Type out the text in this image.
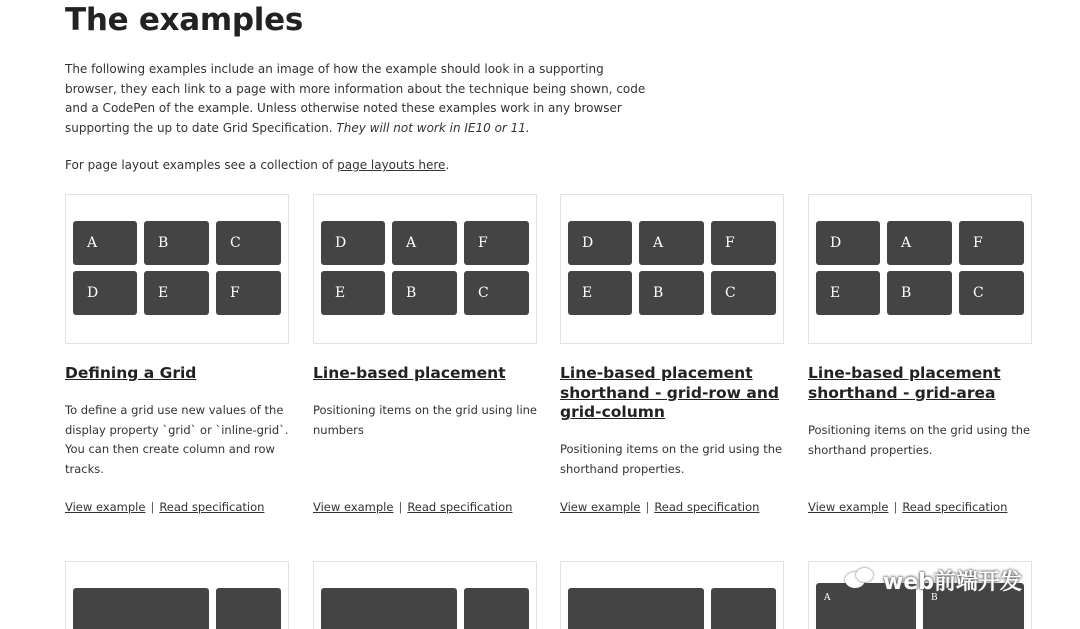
The examples

The following examples include an image of how the example should look in a supporting browser, they each link to a page with more information about the technique being shown, code and a CodePen of the example. Unless otherwise noted these examples work in any browser supporting the up to date Grid Specification. They will not work in IE10 or 11.

For page layout examples see a collection of page layouts here.

A	B	C
D	E	F
Defining a Grid

To define a grid use new values of the display property `grid` or `inline-grid`. You can then create column and row tracks.

View example | Read specification

D	A	F
E	B	C
Line-based placement

Positioning items on the grid using line numbers

View example | Read specification

D	A	F
E	B	C
Line-based placement shorthand - grid-row and grid-column

Positioning items on the grid using the shorthand properties.

View example | Read specification

D	A	F
E	B	C
Line-based placement shorthand - grid-area

Positioning items on the grid using the shorthand properties.

View example | Read specification

A	B
web前端开发
